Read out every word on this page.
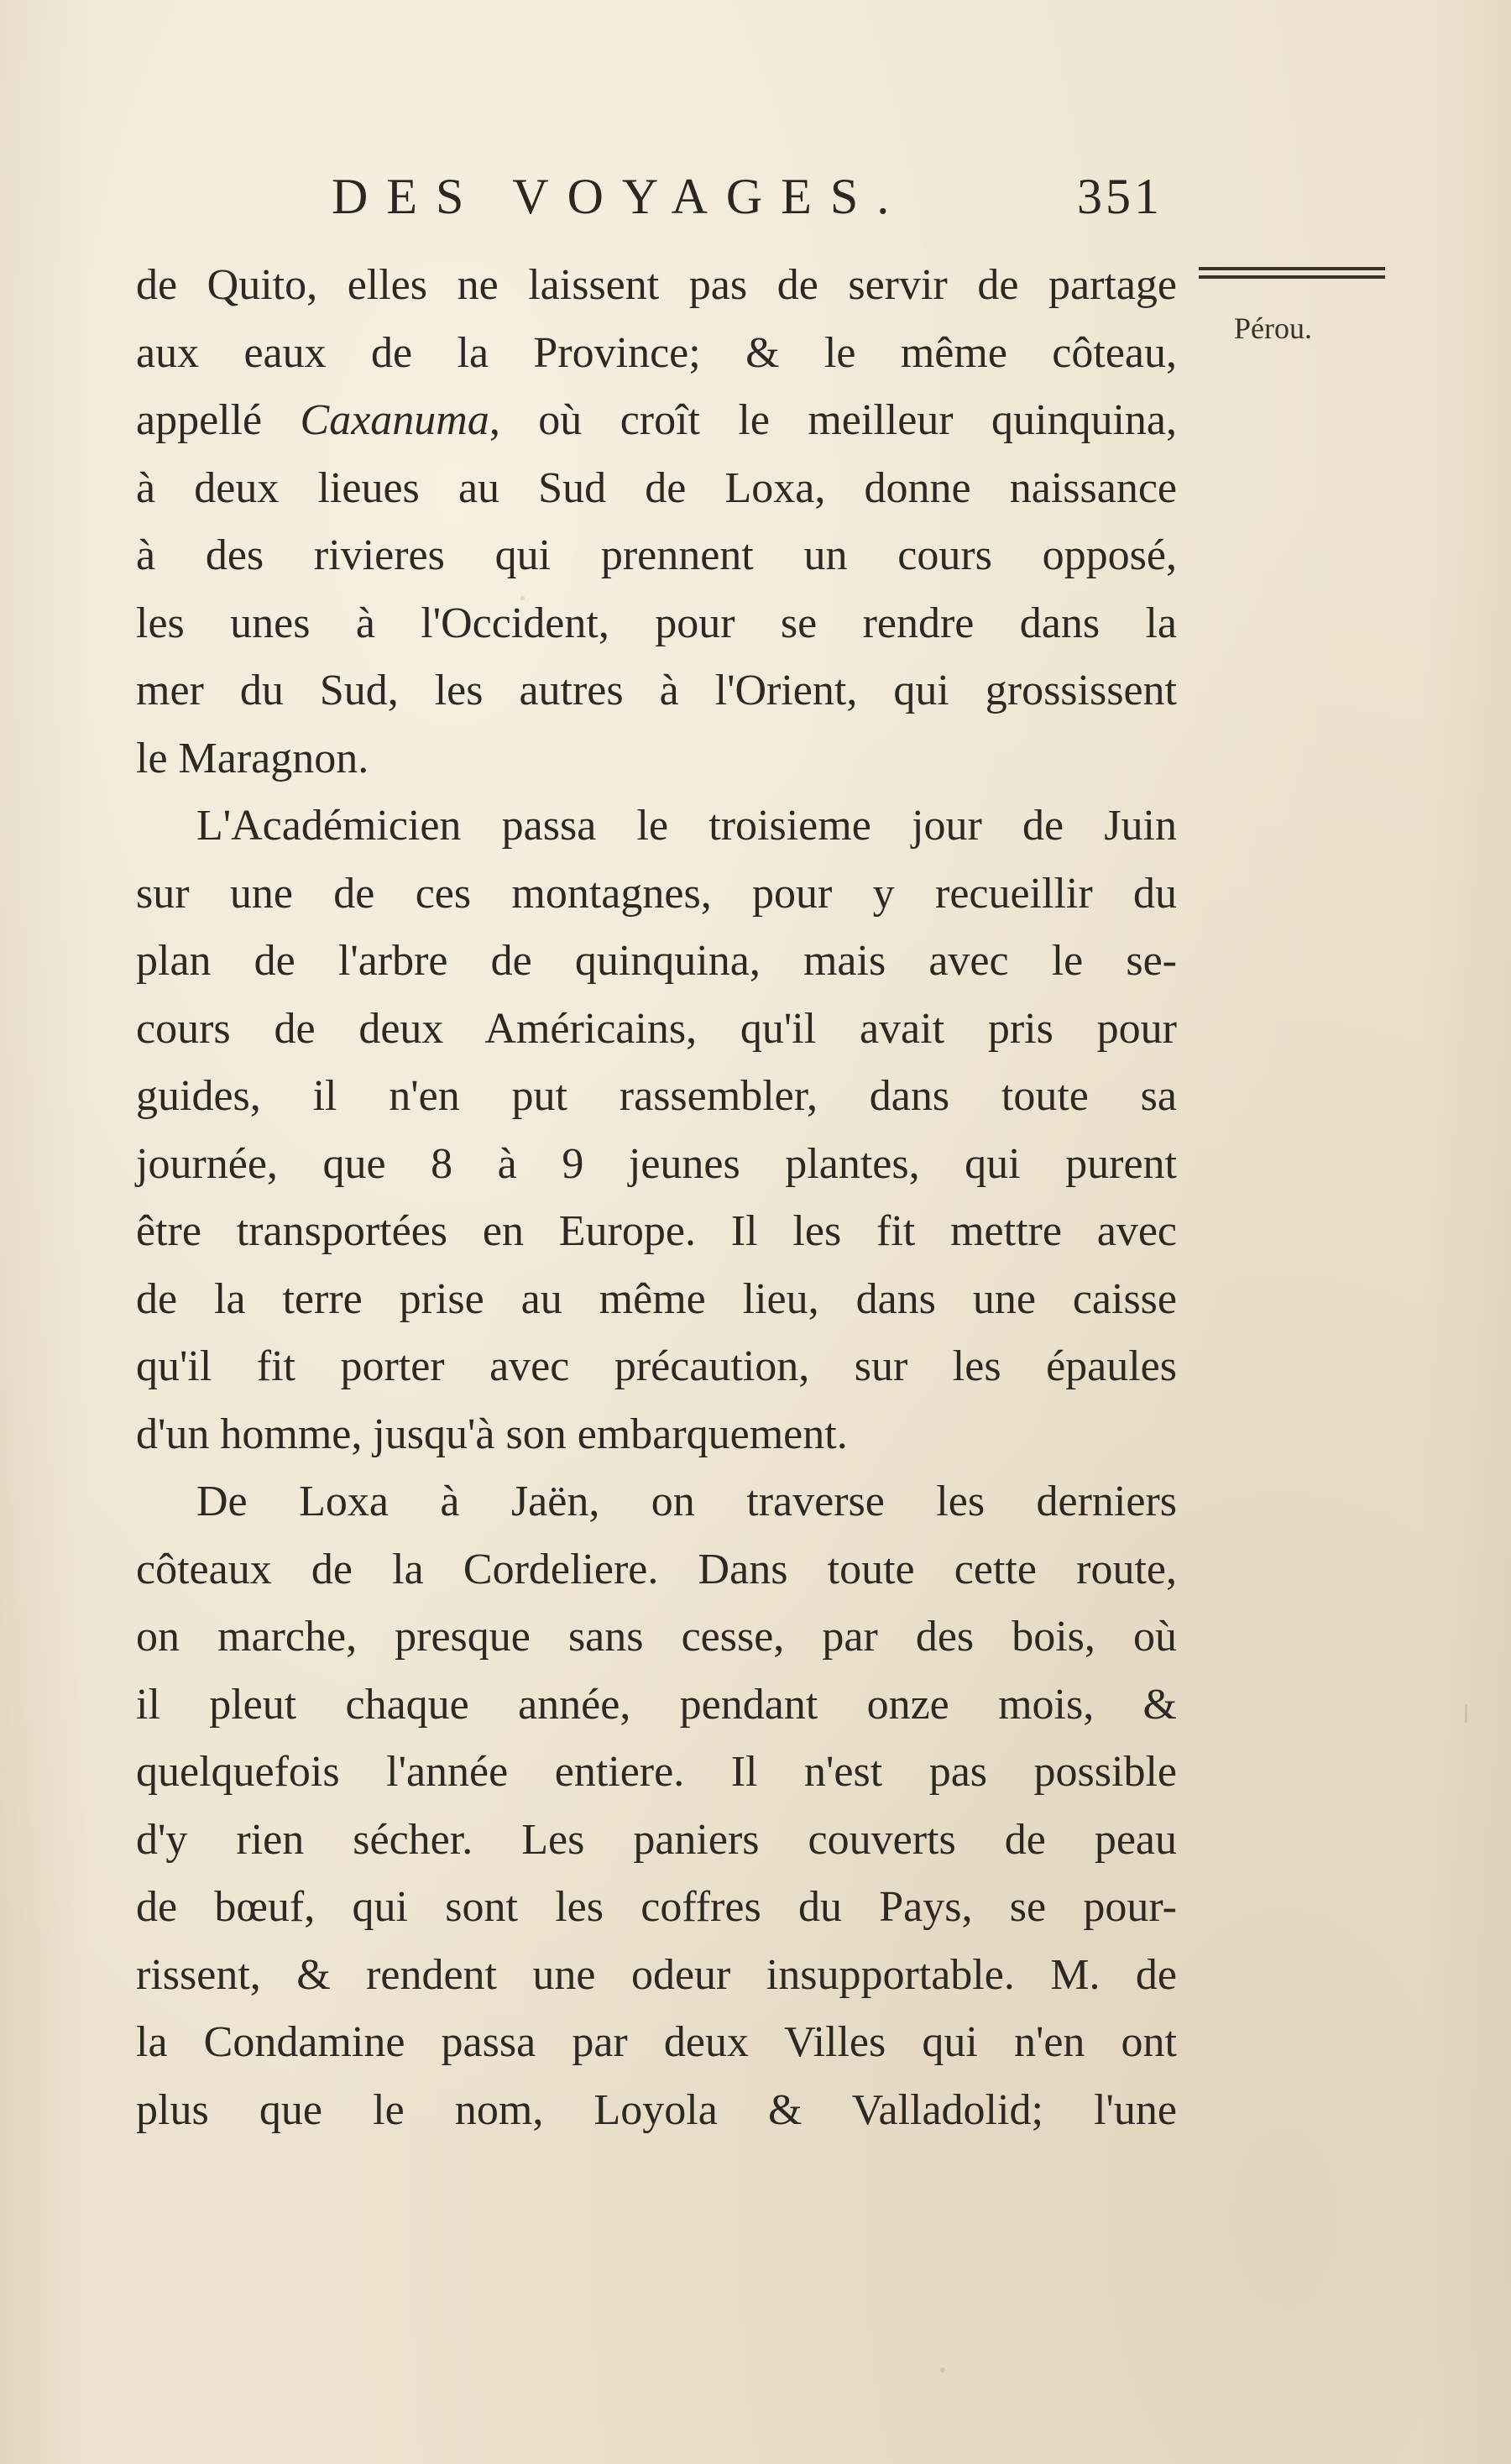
DES VOYAGES.	351
Pérou.
de Quito, elles ne laissent pas de servir de partage
aux eaux de la Province; & le même côteau,
appellé Caxanuma, où croît le meilleur quinquina,
à deux lieues au Sud de Loxa, donne naissance
à des rivieres qui prennent un cours opposé,
les unes à l'Occident, pour se rendre dans la
mer du Sud, les autres à l'Orient, qui grossissent
le Maragnon.
L'Académicien passa le troisieme jour de Juin
sur une de ces montagnes, pour y recueillir du
plan de l'arbre de quinquina, mais avec le se-
cours de deux Américains, qu'il avait pris pour
guides, il n'en put rassembler, dans toute sa
journée, que 8 à 9 jeunes plantes, qui purent
être transportées en Europe. Il les fit mettre avec
de la terre prise au même lieu, dans une caisse
qu'il fit porter avec précaution, sur les épaules
d'un homme, jusqu'à son embarquement.
De Loxa à Jaën, on traverse les derniers
côteaux de la Cordeliere. Dans toute cette route,
on marche, presque sans cesse, par des bois, où
il pleut chaque année, pendant onze mois, &
quelquefois l'année entiere. Il n'est pas possible
d'y rien sécher. Les paniers couverts de peau
de bœuf, qui sont les coffres du Pays, se pour-
rissent, & rendent une odeur insupportable. M. de
la Condamine passa par deux Villes qui n'en ont
plus que le nom, Loyola & Valladolid; l'une
